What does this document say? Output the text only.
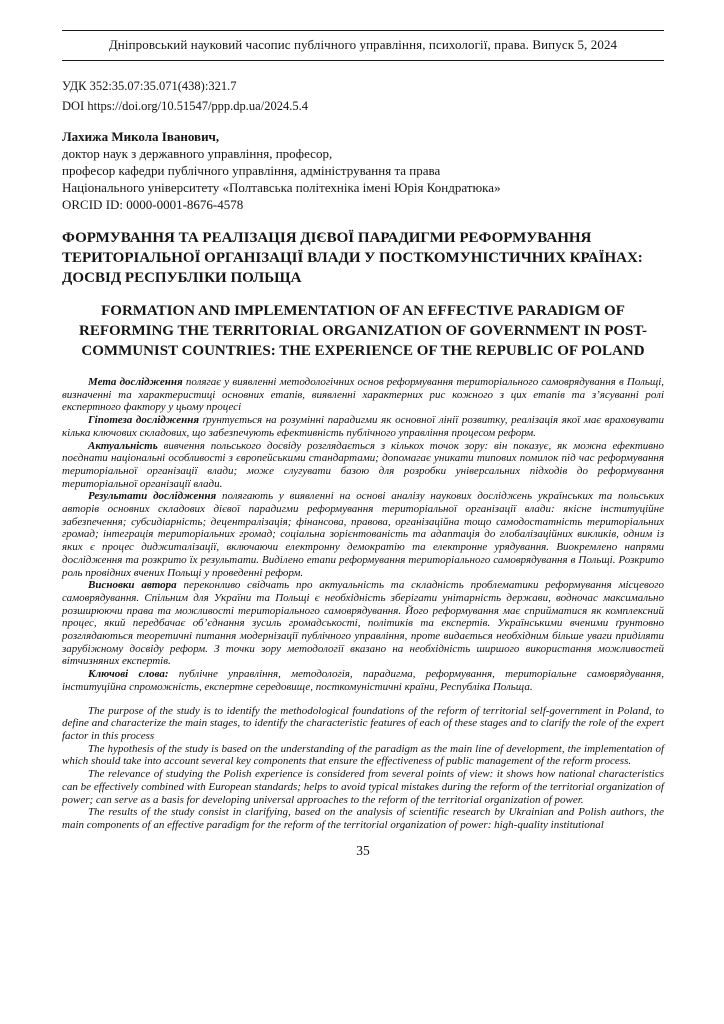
Дніпровський науковий часопис публічного управління, психології, права. Випуск 5, 2024
УДК 352:35.07:35.071(438):321.7
DOI https://doi.org/10.51547/ppp.dp.ua/2024.5.4
Лахижа Микола Іванович,
доктор наук з державного управління, професор,
професор кафедри публічного управління, адміністрування та права
Національного університету «Полтавська політехніка імені Юрія Кондратюка»
ORCID ID: 0000-0001-8676-4578
ФОРМУВАННЯ ТА РЕАЛІЗАЦІЯ ДІЄВОЇ ПАРАДИГМИ РЕФОРМУВАННЯ ТЕРИТОРІАЛЬНОЇ ОРГАНІЗАЦІЇ ВЛАДИ У ПОСТКОМУНІСТИЧНИХ КРАЇНАХ: ДОСВІД РЕСПУБЛІКИ ПОЛЬЩА
FORMATION AND IMPLEMENTATION OF AN EFFECTIVE PARADIGM OF REFORMING THE TERRITORIAL ORGANIZATION OF GOVERNMENT IN POST-COMMUNIST COUNTRIES: THE EXPERIENCE OF THE REPUBLIC OF POLAND

Мета дослідження полягає у виявленні методологічних основ реформування територіального самоврядування в Польщі, визначенні та характеристиці основних етапів, виявленні характерних рис кожного з цих етапів та з’ясуванні ролі експертного фактору у цьому процесі

Гіпотеза дослідження ґрунтується на розумінні парадигми як основної лінії розвитку, реалізація якої має враховувати кілька ключових складових, що забезпечують ефективність публічного управління процесом реформ.

Актуальність вивчення польського досвіду розглядається з кількох точок зору: він показує, як можна ефективно поєднати національні особливості з європейськими стандартами; допомагає уникати типових помилок під час реформування територіальної організації влади; може слугувати базою для розробки універсальних підходів до реформування територіальної організації влади.

Результати дослідження полягають у виявленні на основі аналізу наукових досліджень українських та польських авторів основних складових дієвої парадигми реформування територіальної організації влади: якісне інституційне забезпечення; субсидіарність; децентралізація; фінансова, правова, організаційна тощо самодостатність територіальних громад; інтеграція територіальних громад; соціальна зорієнтованість та адаптація до глобалізаційних викликів, одним із яких є процес диджиталізації, включаючи електронну демократію та електронне урядування. Виокремлено напрями дослідження та розкрито їх результати. Виділено етапи реформування територіального самоврядування в Польщі. Розкрито роль провідних вчених Польщі у проведенні реформ.

Висновки автора переконливо свідчать про актуальність та складність проблематики реформування місцевого самоврядування. Спільним для України та Польщі є необхідність зберігати унітарність держави, водночас максимально розширюючи права та можливості територіального самоврядування. Його реформування має сприйматися як комплексний процес, який передбачає об’єднання зусиль громадськості, політиків та експертів. Українськими вченими ґрунтовно розглядаються теоретичні питання модернізації публічного управління, проте видається необхідним більше уваги приділяти зарубіжному досвіду реформ. З точки зору методології вказано на необхідність ширшого використання можливостей вітчизняних експертів.

Ключові слова: публічне управління, методологія, парадигма, реформування, територіальне самоврядування, інституційна спроможність, експертне середовище, посткомуністичні країни, Республіка Польща.

The purpose of the study is to identify the methodological foundations of the reform of territorial self-government in Poland, to define and characterize the main stages, to identify the characteristic features of each of these stages and to clarify the role of the expert factor in this process

The hypothesis of the study is based on the understanding of the paradigm as the main line of development, the implementation of which should take into account several key components that ensure the effectiveness of public management of the reform process.

The relevance of studying the Polish experience is considered from several points of view: it shows how national characteristics can be effectively combined with European standards; helps to avoid typical mistakes during the reform of the territorial organization of power; can serve as a basis for developing universal approaches to the reform of the territorial organization of power.

The results of the study consist in clarifying, based on the analysis of scientific research by Ukrainian and Polish authors, the main components of an effective paradigm for the reform of the territorial organization of power: high-quality institutional

35
